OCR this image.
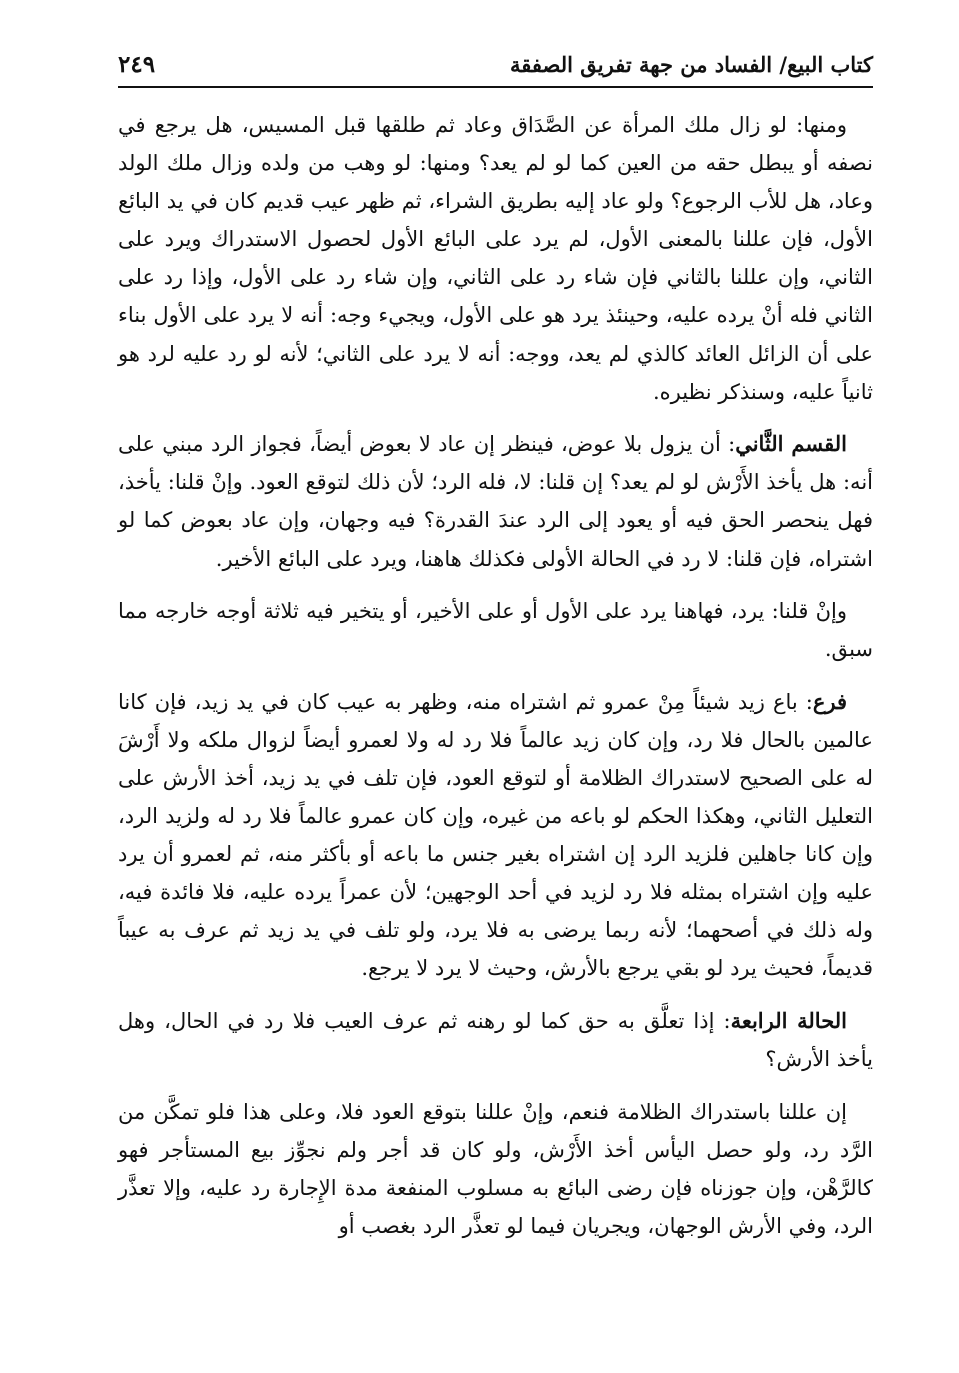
كتاب البيع/ الفساد من جهة تفريق الصفقة
٢٤٩

ومنها: لو زال ملك المرأة عن الصَّدَاق وعاد ثم طلقها قبل المسيس، هل يرجع في نصفه أو يبطل حقه من العين كما لو لم يعد؟ ومنها: لو وهب من ولده وزال ملك الولد وعاد، هل للأب الرجوع؟ ولو عاد إليه بطريق الشراء، ثم ظهر عيب قديم كان في يد البائع الأول، فإن عللنا بالمعنى الأول، لم يرد على البائع الأول لحصول الاستدراك ويرد على الثاني، وإن عللنا بالثاني فإن شاء رد على الثاني، وإن شاء رد على الأول، وإذا رد على الثاني فله أنْ يرده عليه، وحينئذ يرد هو على الأول، ويجيء وجه: أنه لا يرد على الأول بناء على أن الزائل العائد كالذي لم يعد، ووجه: أنه لا يرد على الثاني؛ لأنه لو رد عليه لرد هو ثانياً عليه، وسنذكر نظيره.

القسم الثَّاني: أن يزول بلا عوض، فينظر إن عاد لا بعوض أيضاً، فجواز الرد مبني على أنه: هل يأخذ الأَرْش لو لم يعد؟ إن قلنا: لا، فله الرد؛ لأن ذلك لتوقع العود. وإنْ قلنا: يأخذ، فهل ينحصر الحق فيه أو يعود إلى الرد عندَ القدرة؟ فيه وجهان، وإن عاد بعوض كما لو اشتراه، فإن قلنا: لا رد في الحالة الأولى فكذلك هاهنا، ويرد على البائع الأخير.

وإنْ قلنا: يرد، فهاهنا يرد على الأول أو على الأخير، أو يتخير فيه ثلاثة أوجه خارجه مما سبق.

فرع: باع زيد شيئاً مِنْ عمرو ثم اشتراه منه، وظهر به عيب كان في يد زيد، فإن كانا عالمين بالحال فلا رد، وإن كان زيد عالماً فلا رد له ولا لعمرو أيضاً لزوال ملكه ولا أَرْشَ له على الصحيح لاستدراك الظلامة أو لتوقع العود، فإن تلف في يد زيد، أخذ الأرش على التعليل الثاني، وهكذا الحكم لو باعه من غيره، وإن كان عمرو عالماً فلا رد له ولزيد الرد، وإن كانا جاهلين فلزيد الرد إن اشتراه بغير جنس ما باعه أو بأكثر منه، ثم لعمرو أن يرد عليه وإن اشتراه بمثله فلا رد لزيد في أحد الوجهين؛ لأن عمراً يرده عليه، فلا فائدة فيه، وله ذلك في أصحهما؛ لأنه ربما يرضى به فلا يرد، ولو تلف في يد زيد ثم عرف به عيباً قديماً، فحيث يرد لو بقي يرجع بالأرش، وحيث لا يرد لا يرجع.

الحالة الرابعة: إذا تعلَّق به حق كما لو رهنه ثم عرف العيب فلا رد في الحال، وهل يأخذ الأرش؟

إن عللنا باستدراك الظلامة فنعم، وإنْ عللنا بتوقع العود فلا، وعلى هذا فلو تمكَّن من الرَّد رد، ولو حصل اليأس أخذ الأَرْش، ولو كان قد أجر ولم نجوِّز بيع المستأجر فهو كالرَّهْن، وإن جوزناه فإن رضى البائع به مسلوب المنفعة مدة الإِجارة رد عليه، وإلا تعذَّر الرد، وفي الأرش الوجهان، ويجريان فيما لو تعذَّر الرد بغصب أو
